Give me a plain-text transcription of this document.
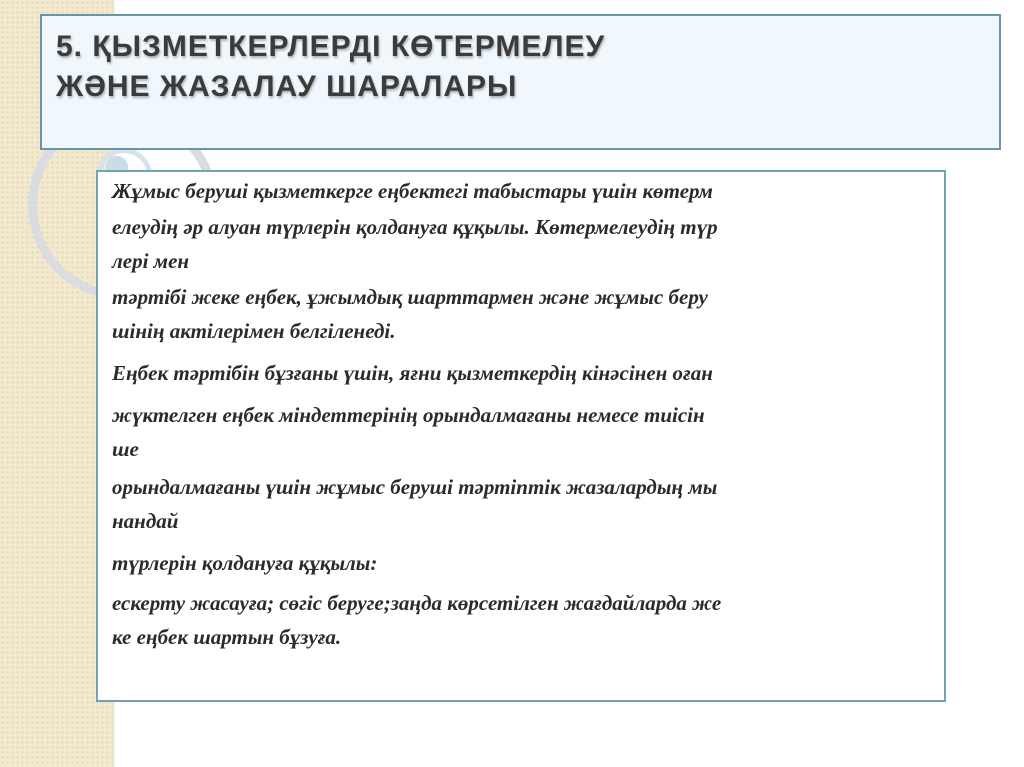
5. ҚЫЗМЕТКЕРЛЕРДІ КӨТЕРМЕЛЕУ
ЖӘНЕ ЖАЗАЛАУ ШАРАЛАРЫ

Жұмыс беруші қызметкерге еңбектегі табыстары үшін көтерм

елеудің әр алуан түрлерін қолдануға құқылы. Көтермелеудің түр

лері мен

тәртібі жеке еңбек, ұжымдық шарттармен және жұмыс беру

шінің актілерімен белгіленеді.

Еңбек тәртібін бұзғаны үшін, яғни қызметкердің кінәсінен оған

жүктелген еңбек міндеттерінің орындалмағаны немесе тиісін

ше

орындалмағаны үшін жұмыс беруші тәртіптік жазалардың мы

нандай

түрлерін қолдануға құқылы:

ескерту жасауға; сөгіс беруге;заңда көрсетілген жағдайларда же

ке еңбек шартын бұзуға.
